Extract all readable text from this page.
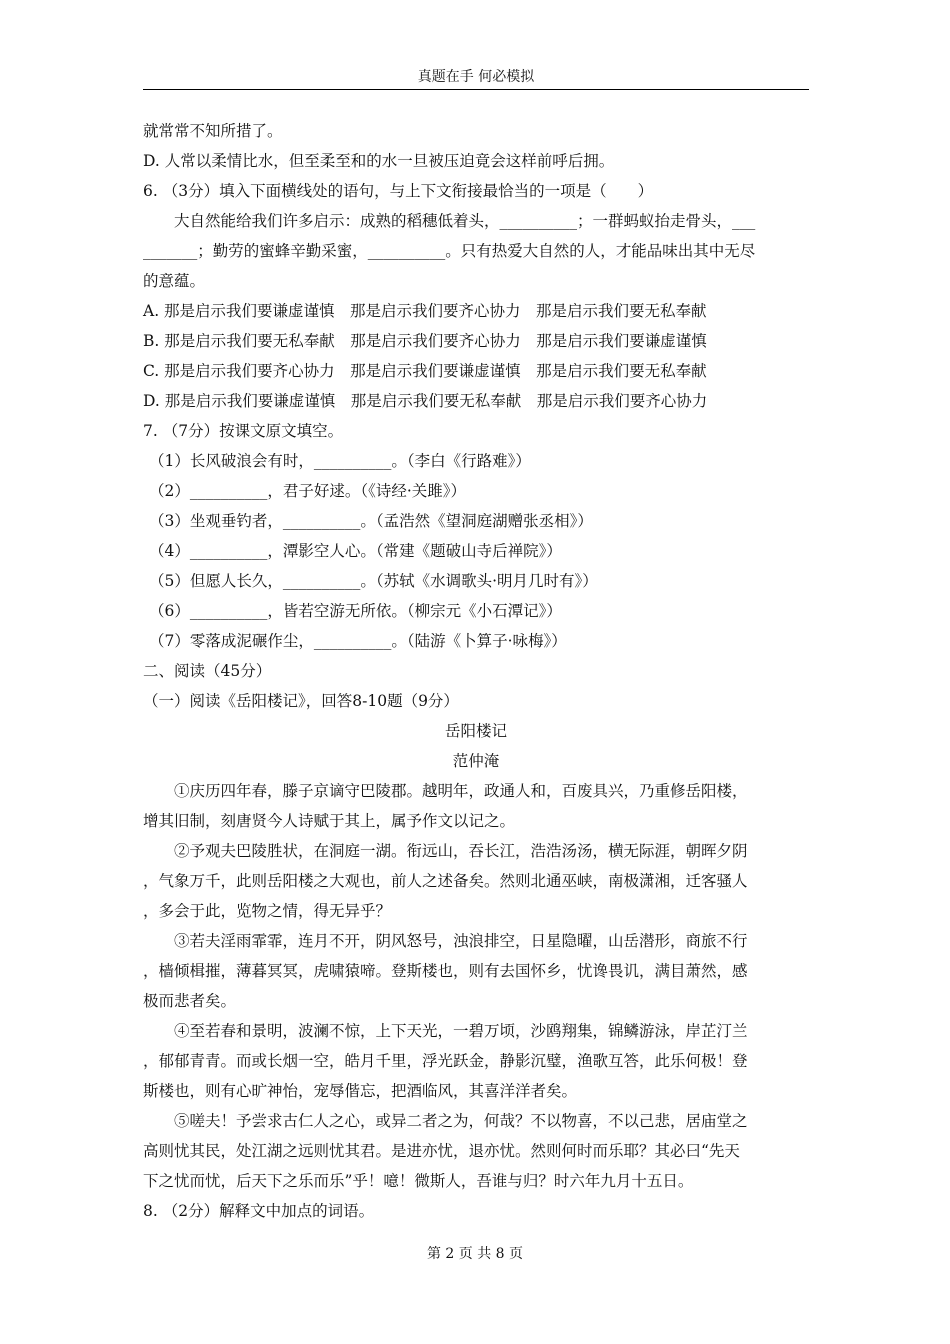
真题在手 何必模拟
就常常不知所措了。
D. 人常以柔情比水，但至柔至和的水一旦被压迫竟会这样前呼后拥。
6. （3分）填入下面横线处的语句，与上下文衔接最恰当的一项是（　　）
大自然能给我们许多启示：成熟的稻穗低着头，__________；一群蚂蚁抬走骨头，___
_______；勤劳的蜜蜂辛勤采蜜，__________。只有热爱大自然的人，才能品味出其中无尽
的意蕴。
A. 那是启示我们要谦虚谨慎　那是启示我们要齐心协力　那是启示我们要无私奉献
B. 那是启示我们要无私奉献　那是启示我们要齐心协力　那是启示我们要谦虚谨慎
C. 那是启示我们要齐心协力　那是启示我们要谦虚谨慎　那是启示我们要无私奉献
D. 那是启示我们要谦虚谨慎　那是启示我们要无私奉献　那是启示我们要齐心协力
7. （7分）按课文原文填空。
（1）长风破浪会有时，__________。（李白《行路难》）
（2）__________，君子好逑。（《诗经·关雎》）
（3）坐观垂钓者，__________。（孟浩然《望洞庭湖赠张丞相》）
（4）__________，潭影空人心。（常建《题破山寺后禅院》）
（5）但愿人长久，__________。（苏轼《水调歌头·明月几时有》）
（6）__________，皆若空游无所依。（柳宗元《小石潭记》）
（7）零落成泥碾作尘，__________。（陆游《卜算子·咏梅》）
二、阅读（45分）
（一）阅读《岳阳楼记》，回答8-10题（9分）
岳阳楼记
范仲淹
①庆历四年春，滕子京谪守巴陵郡。越明年，政通人和，百废具兴，乃重修岳阳楼，
增其旧制，刻唐贤今人诗赋于其上，属予作文以记之。
②予观夫巴陵胜状，在洞庭一湖。衔远山，吞长江，浩浩汤汤，横无际涯，朝晖夕阴
，气象万千，此则岳阳楼之大观也，前人之述备矣。然则北通巫峡，南极潇湘，迁客骚人
，多会于此，览物之情，得无异乎？
③若夫淫雨霏霏，连月不开，阴风怒号，浊浪排空，日星隐曜，山岳潜形，商旅不行
，樯倾楫摧，薄暮冥冥，虎啸猿啼。登斯楼也，则有去国怀乡，忧谗畏讥，满目萧然，感
极而悲者矣。
④至若春和景明，波澜不惊，上下天光，一碧万顷，沙鸥翔集，锦鳞游泳，岸芷汀兰
，郁郁青青。而或长烟一空，皓月千里，浮光跃金，静影沉璧，渔歌互答，此乐何极！登
斯楼也，则有心旷神怡，宠辱偕忘，把酒临风，其喜洋洋者矣。
⑤嗟夫！予尝求古仁人之心，或异二者之为，何哉？不以物喜，不以己悲，居庙堂之
高则忧其民，处江湖之远则忧其君。是进亦忧，退亦忧。然则何时而乐耶？其必曰“先天
下之忧而忧，后天下之乐而乐”乎！噫！微斯人，吾谁与归？时六年九月十五日。
8. （2分）解释文中加点的词语。
第 2 页 共 8 页
